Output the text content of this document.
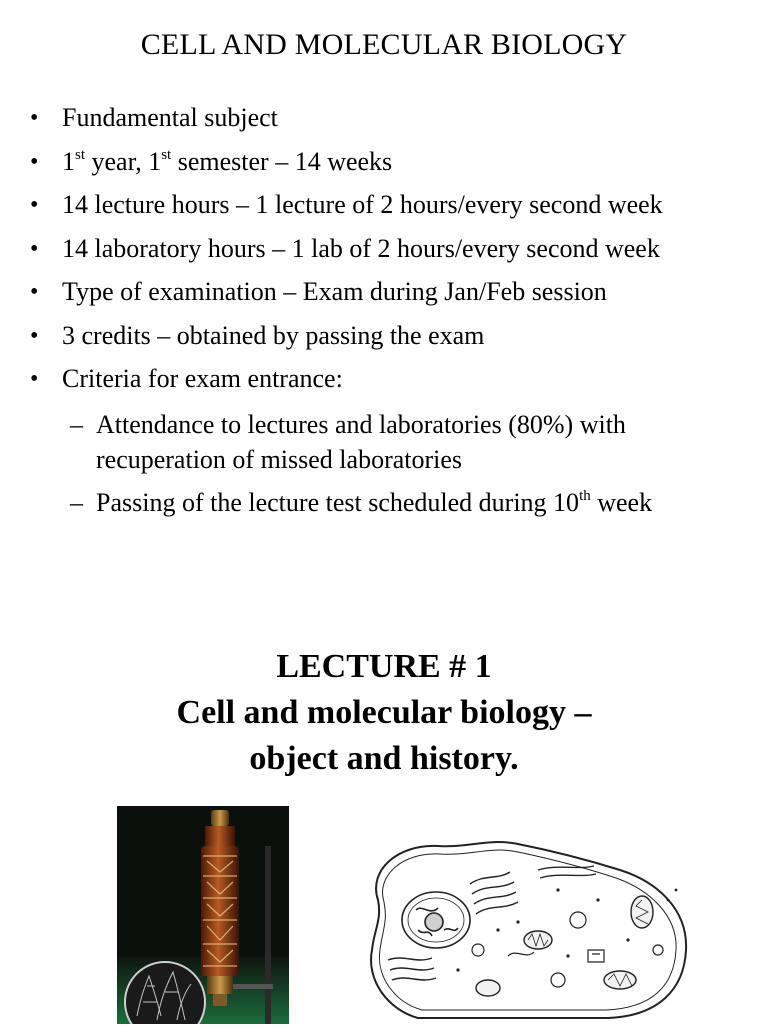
CELL AND MOLECULAR BIOLOGY
• Fundamental subject
• 1st year, 1st semester – 14 weeks
• 14 lecture hours – 1 lecture of 2 hours/every second week
• 14 laboratory hours – 1 lab of 2 hours/every second week
• Type of examination – Exam during Jan/Feb session
• 3 credits – obtained by passing the exam
• Criteria for exam entrance:
– Attendance to lectures and laboratories (80%) with recuperation of missed laboratories
– Passing of the lecture test scheduled during 10th week
LECTURE # 1
Cell and molecular biology –
object and history.
